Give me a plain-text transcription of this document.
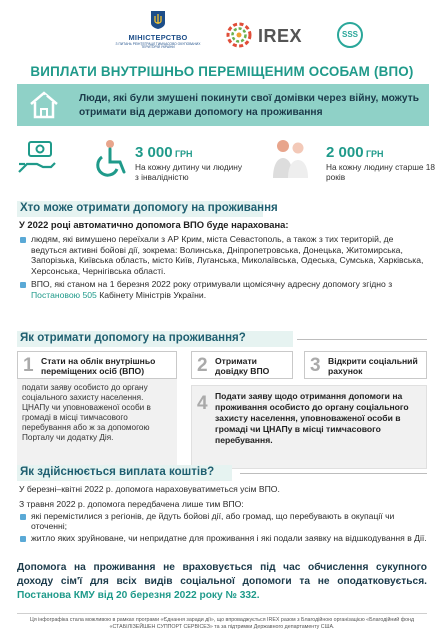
МІНІСТЕРСТВО
З ПИТАНЬ РЕІНТЕГРАЦІЇ ТИМЧАСОВО ОКУПОВАНИХ ТЕРИТОРІЙ УКРАЇНИ
IREX	SSS
ВИПЛАТИ ВНУТРІШНЬО ПЕРЕМІЩЕНИМ ОСОБАМ (ВПО)
Люди, які були змушені покинути свої домівки через війну, можуть отримати від держави допомогу на проживання
3 000 ГРН
На кожну дитину чи людину з інвалідністю
2 000 ГРН
На кожну людину старше 18 років
Хто може отримати допомогу на проживання
У 2022 році автоматично допомога ВПО буде нарахована:
людям, які вимушено переїхали з АР Крим, міста Севастополь, а також з тих територій, де ведуться активні бойові дії, зокрема: Волинська, Дніпропетровська, Донецька, Житомирська, Запорізька, Київська область, місто Київ, Луганська, Миколаївська, Одеська, Сумська, Харківська, Херсонська, Чернігівська області.
ВПО, які станом на 1 березня 2022 року отримували щомісячну адресну допомогу згідно з Постановою 505 Кабінету Міністрів України.
Як отримати допомогу на проживання?
1 Стати на облік внутрішньо переміщених осіб (ВПО)
подати заяву особисто до органу соціального захисту населення. ЦНАПу чи уповноваженої особи в громаді в місці тимчасового перебування або ж за допомогою Порталу чи додатку Дія.
2 Отримати довідку ВПО	3 Відкрити соціальний рахунок
4 Подати заяву щодо отримання допомоги на проживання особисто до органу соціального захисту населення, уповноваженої особи в громаді чи ЦНАПу в місці тимчасового перебування.
Як здійснюється виплата коштів?
У березні–квітні 2022 р. допомога нараховуватиметься усім ВПО.
З травня 2022 р. допомога передбачена лише тим ВПО:
які перемістилися з регіонів, де йдуть бойові дії, або громад, що перебувають в окупації чи оточенні;
житло яких зруйноване, чи непридатне для проживання і які подали заявку на відшкодування в Дії.
Допомога на проживання не враховується під час обчислення сукупного доходу сім'ї для всіх видів соціальної допомоги та не оподатковується. Постанова КМУ від 20 березня 2022 року № 332.
Ця інфографіка стала можливою в рамках програми «Єднання заради дії», що впроваджується IREX разом з Благодійною організацією «Благодійний фонд «СТАБІЛІЗЕЙШЕН СУППОРТ СЕРВІСЕЗ» та за підтримки Державного департаменту США.
